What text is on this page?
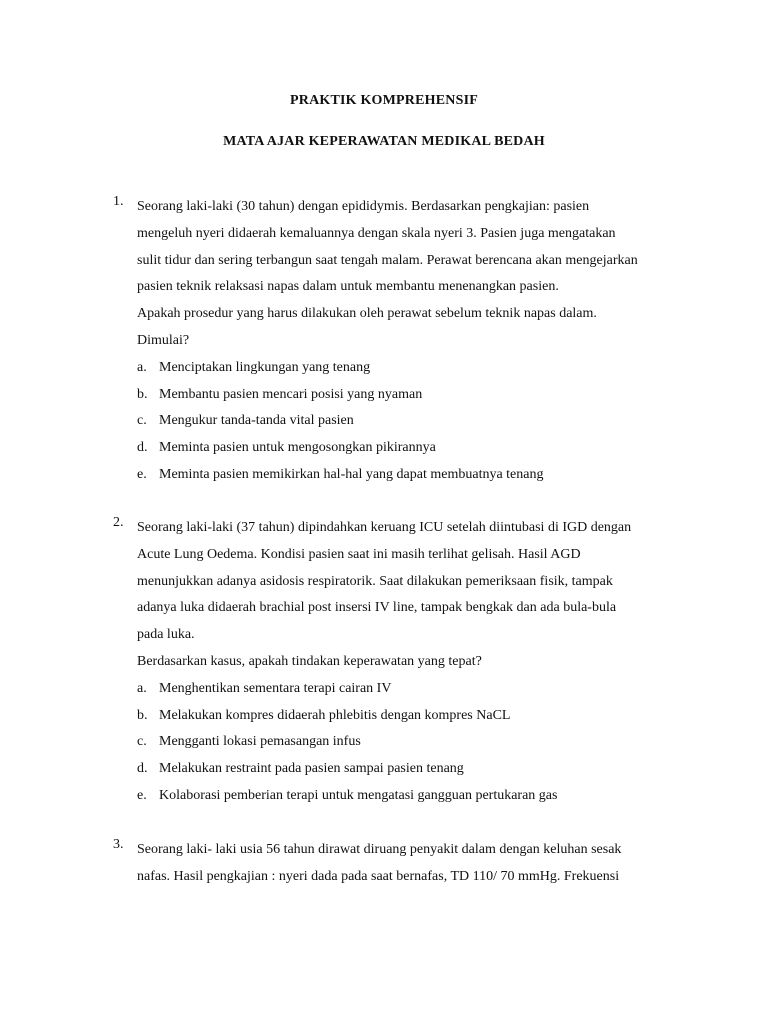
PRAKTIK KOMPREHENSIF
MATA AJAR KEPERAWATAN MEDIKAL BEDAH
1. Seorang laki-laki (30 tahun) dengan epididymis. Berdasarkan pengkajian: pasien

mengeluh nyeri didaerah kemaluannya dengan skala nyeri 3. Pasien juga mengatakan

sulit tidur dan sering terbangun saat tengah malam. Perawat berencana akan mengejarkan

pasien teknik relaksasi napas dalam untuk membantu menenangkan pasien.

Apakah prosedur yang harus dilakukan oleh perawat sebelum teknik napas dalam.

Dimulai?

a. Menciptakan lingkungan yang tenang
b. Membantu pasien mencari posisi yang nyaman
c. Mengukur tanda-tanda vital pasien
d. Meminta pasien untuk mengosongkan pikirannya
e. Meminta pasien memikirkan hal-hal yang dapat membuatnya tenang
2. Seorang laki-laki (37 tahun) dipindahkan keruang ICU setelah diintubasi di IGD dengan

Acute Lung Oedema. Kondisi pasien saat ini masih terlihat gelisah. Hasil AGD

menunjukkan adanya asidosis respiratorik. Saat dilakukan pemeriksaan fisik, tampak

adanya luka didaerah brachial post insersi IV line, tampak bengkak dan ada bula-bula

pada luka.

Berdasarkan kasus, apakah tindakan keperawatan yang tepat?

a. Menghentikan sementara terapi cairan IV
b. Melakukan kompres didaerah phlebitis dengan kompres NaCL
c. Mengganti lokasi pemasangan infus
d. Melakukan restraint pada pasien sampai pasien tenang
e. Kolaborasi pemberian terapi untuk mengatasi gangguan pertukaran gas
3. Seorang laki- laki usia 56 tahun dirawat diruang penyakit dalam dengan keluhan sesak

nafas. Hasil pengkajian : nyeri dada pada saat bernafas, TD 110/ 70 mmHg. Frekuensi
